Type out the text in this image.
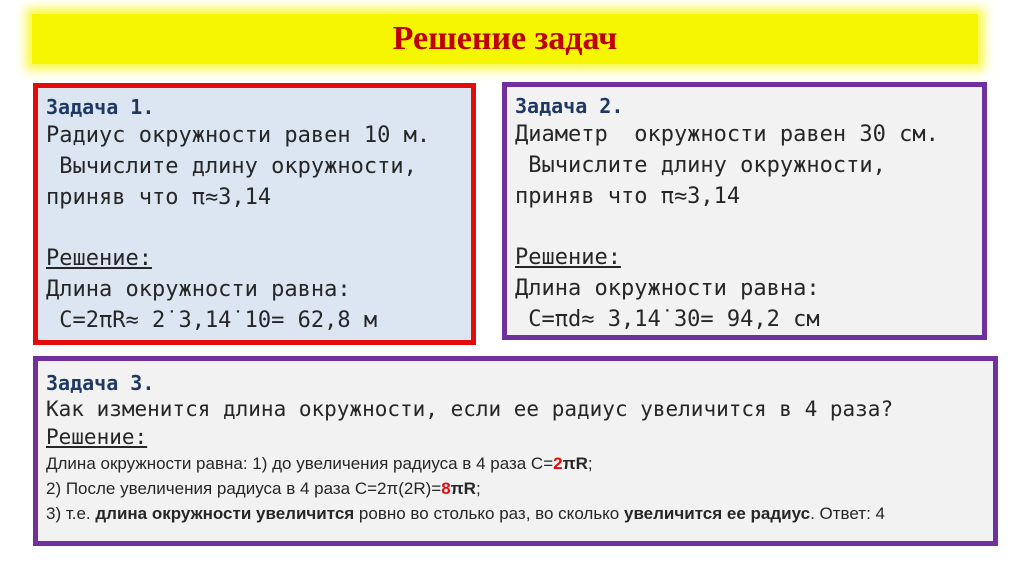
Решение задач
Задача 1.
Радиус окружности равен 10 м.
Вычислите длину окружности,
приняв что π≈3,14
Решение:
Длина окружности равна:
С=2πR≈ 2˙3,14˙10= 62,8 м
Задача 2.
Диаметр  окружности равен 30 см.
Вычислите длину окружности,
приняв что π≈3,14
Решение:
Длина окружности равна:
С=πd≈ 3,14˙30= 94,2 см
Задача 3.
Как изменится длина окружности, если ее радиус увеличится в 4 раза?
Решение:
Длина окружности равна: 1) до увеличения радиуса в 4 раза С=2πR;
2) После увеличения радиуса в 4 раза С=2π(2R)=8πR;
3) т.е. длина окружности увеличится ровно во столько раз, во сколько увеличится ее радиус. Ответ: 4
